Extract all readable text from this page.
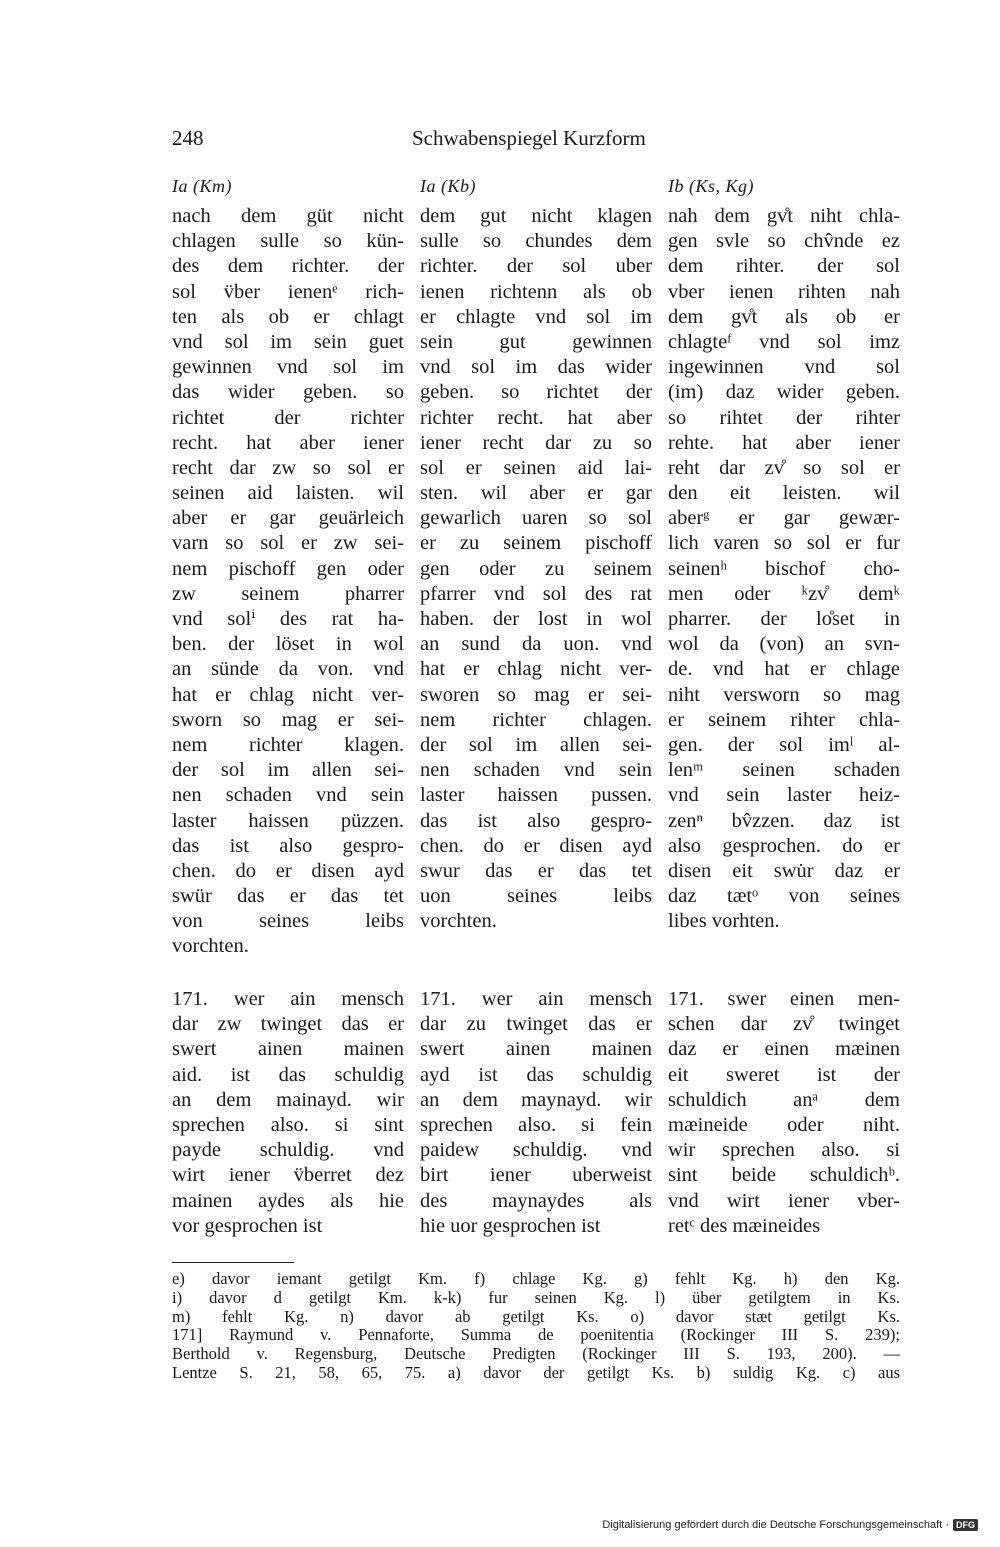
248	Schwabenspiegel Kurzform
Ia (Km)	Ia (Kb)	Ib (Ks, Kg)
nach dem güt nicht
chlagen sulle so kün-
des dem richter. der
sol v̈ber ienenᵉ rich-
ten als ob er chlagt
vnd sol im sein guet
gewinnen vnd sol im
das wider geben. so
richtet der richter
recht. hat aber iener
recht dar zw so sol er
seinen aid laisten. wil
aber er gar geuärleich
varn so sol er zw sei-
nem pischoff gen oder
zw seinem pharrer
vnd solⁱ des rat ha-
ben. der löset in wol
an sünde da von. vnd
hat er chlag nicht ver-
sworn so mag er sei-
nem richter klagen.
der sol im allen sei-
nen schaden vnd sein
laster haissen püzzen.
das ist also gespro-
chen. do er disen ayd
swür das er das tet
von seines leibs
vorchten.
dem gut nicht klagen
sulle so chundes dem
richter. der sol uber
ienen richtenn als ob
er chlagte vnd sol im
sein gut gewinnen
vnd sol im das wider
geben. so richtet der
richter recht. hat aber
iener recht dar zu so
sol er seinen aid lai-
sten. wil aber er gar
gewarlich uaren so sol
er zu seinem pischoff
gen oder zu seinem
pfarrer vnd sol des rat
haben. der lost in wol
an sund da uon. vnd
hat er chlag nicht ver-
sworen so mag er sei-
nem richter chlagen.
der sol im allen sei-
nen schaden vnd sein
laster haissen pussen.
das ist also gespro-
chen. do er disen ayd
swur das er das tet
uon seines leibs
vorchten.
nah dem gv̊t niht chla-
gen svle so chv̂nde ez
dem rihter. der sol
vber ienen rihten nah
dem gv̊t als ob er
chlagteᶠ vnd sol imz
ingewinnen vnd sol
(im) daz wider geben.
so rihtet der rihter
rehte. hat aber iener
reht dar zv̊ so sol er
den eit leisten. wil
aberᵍ er gar gewær-
lich varen so sol er fur
seinenʰ bischof cho-
men oder ᵏzv̊ demᵏ
pharrer. der lo̊set in
wol da (von) an svn-
de. vnd hat er chlage
niht versworn so mag
er seinem rihter chla-
gen. der sol imˡ al-
lenᵐ seinen schaden
vnd sein laster heiz-
zenⁿ bv̂zzen. daz ist
also gesprochen. do er
disen eit swu̇r daz er
daz tætᵒ von seines
libes vorhten.
171. wer ain mensch
dar zw twinget das er
swert ainen mainen
aid. ist das schuldig
an dem mainayd. wir
sprechen also. si sint
payde schuldig. vnd
wirt iener v̈berret dez
mainen aydes als hie
vor gesprochen ist
171. wer ain mensch
dar zu twinget das er
swert ainen mainen
ayd ist das schuldig
an dem maynayd. wir
sprechen also. si fein
paidew schuldig. vnd
birt iener uberweist
des maynaydes als
hie uor gesprochen ist
171. swer einen men-
schen dar zv̊ twinget
daz er einen mæinen
eit sweret ist der
schuldich anᵃ dem
mæineide oder niht.
wir sprechen also. si
sint beide schuldichᵇ.
vnd wirt iener vber-
retᶜ des mæineides
e) davor iemant getilgt Km. f) chlage Kg. g) fehlt Kg. h) den Kg.
i) davor d getilgt Km. k-k) fur seinen Kg. l) über getilgtem in Ks.
m) fehlt Kg. n) davor ab getilgt Ks. o) davor stæt getilgt Ks.
171] Raymund v. Pennaforte, Summa de poenitentia (Rockinger III S. 239);
Berthold v. Regensburg, Deutsche Predigten (Rockinger III S. 193, 200). —
Lentze S. 21, 58, 65, 75. a) davor der getilgt Ks. b) suldig Kg. c) aus
Digitalisierung gefördert durch die Deutsche Forschungsgemeinschaft · DFG
